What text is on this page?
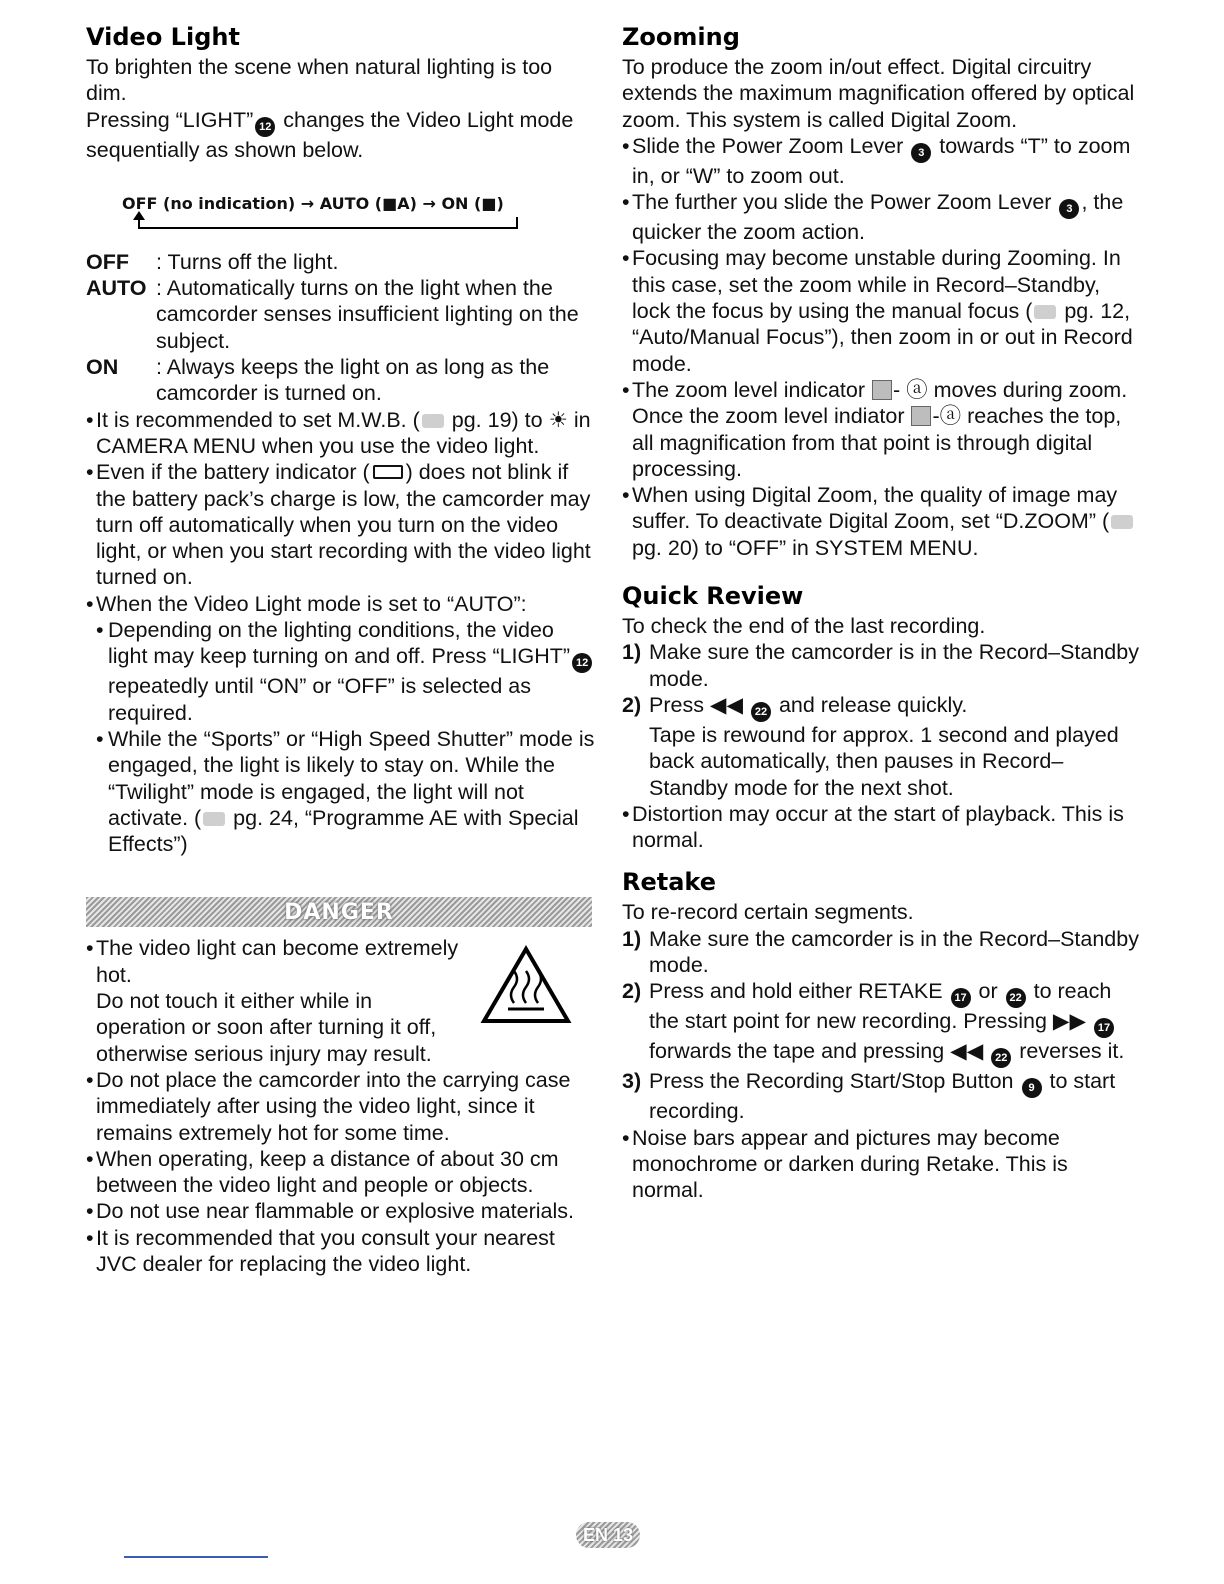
Video Light

To brighten the scene when natural lighting is too dim.

Pressing “LIGHT” 12 changes the Video Light mode sequentially as shown below.

OFF (no indication) → AUTO (■A) → ON (■)
OFF	: Turns off the light.
AUTO : Automatically turns on the light when the camcorder senses insufficient lighting on the subject.
ON	: Always keeps the light on as long as the camcorder is turned on.
• It is recommended to set M.W.B. ( pg. 19) to ☀ in CAMERA MENU when you use the video light.
• Even if the battery indicator ( ) does not blink if the battery pack’s charge is low, the camcorder may turn off automatically when you turn on the video light, or when you start recording with the video light turned on.
• When the Video Light mode is set to “AUTO”:
• Depending on the lighting conditions, the video light may keep turning on and off. Press “LIGHT” 12 repeatedly until “ON” or “OFF” is selected as required.
• While the “Sports” or “High Speed Shutter” mode is engaged, the light is likely to stay on. While the “Twilight” mode is engaged, the light will not activate. ( pg. 24, “Programme AE with Special Effects”)
DANGER
• The video light can become extremely hot.
Do not touch it either while in operation or soon after turning it off, otherwise serious injury may result.
• Do not place the camcorder into the carrying case immediately after using the video light, since it remains extremely hot for some time.
• When operating, keep a distance of about 30 cm between the video light and people or objects.
• Do not use near flammable or explosive materials.
• It is recommended that you consult your nearest JVC dealer for replacing the video light.
Zooming

To produce the zoom in/out effect. Digital circuitry extends the maximum magnification offered by optical zoom. This system is called Digital Zoom.

• Slide the Power Zoom Lever 3 towards “T” to zoom in, or “W” to zoom out.
• The further you slide the Power Zoom Lever 3 , the quicker the zoom action.
• Focusing may become unstable during Zooming. In this case, set the zoom while in Record–Standby, lock the focus by using the manual focus ( pg. 12, “Auto/Manual Focus”), then zoom in or out in Record mode.
• The zoom level indicator - ⓐ moves during zoom. Once the zoom level indiator -ⓐ reaches the top, all magnification from that point is through digital processing.
• When using Digital Zoom, the quality of image may suffer. To deactivate Digital Zoom, set “D.ZOOM” ( pg. 20) to “OFF” in SYSTEM MENU.
Quick Review

To check the end of the last recording.

1) Make sure the camcorder is in the Record–Standby mode.
2) Press ◀◀ 22 and release quickly.
Tape is rewound for approx. 1 second and played back automatically, then pauses in Record–Standby mode for the next shot.
• Distortion may occur at the start of playback. This is normal.
Retake

To re-record certain segments.

1) Make sure the camcorder is in the Record–Standby mode.
2) Press and hold either RETAKE 17 or 22 to reach the start point for new recording. Pressing ▶▶ 17 forwards the tape and pressing ◀◀ 22 reverses it.
3) Press the Recording Start/Stop Button 9 to start recording.
• Noise bars appear and pictures may become monochrome or darken during Retake. This is normal.
EN 13
